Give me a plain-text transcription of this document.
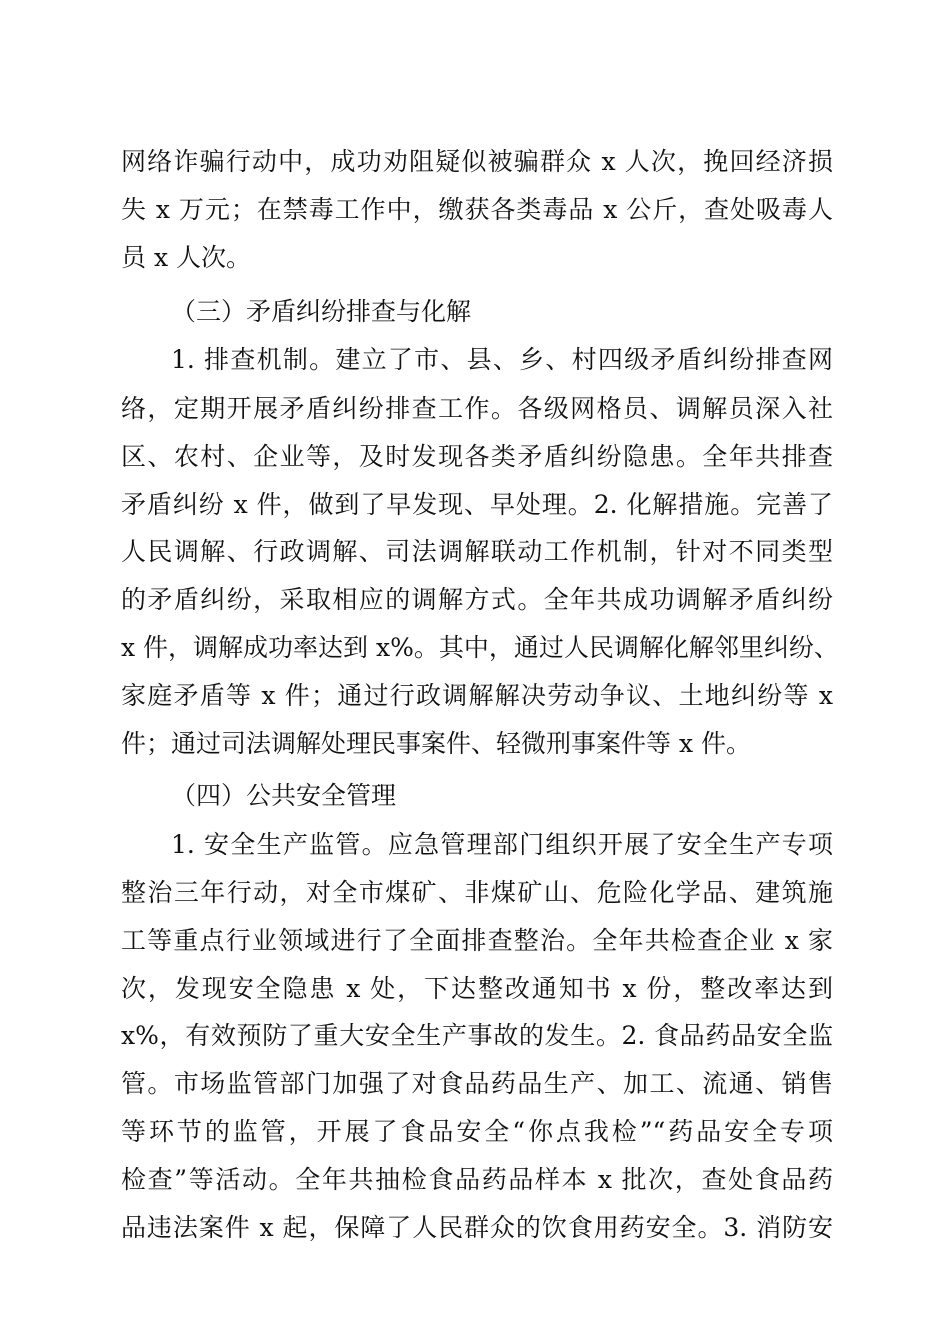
网络诈骗行动中，成功劝阻疑似被骗群众 x 人次，挽回经济损
失 x 万元；在禁毒工作中，缴获各类毒品 x 公斤，查处吸毒人
员 x 人次。
（三）矛盾纠纷排查与化解
1. 排查机制。建立了市、县、乡、村四级矛盾纠纷排查网
络，定期开展矛盾纠纷排查工作。各级网格员、调解员深入社
区、农村、企业等，及时发现各类矛盾纠纷隐患。全年共排查
矛盾纠纷 x 件，做到了早发现、早处理。2. 化解措施。完善了
人民调解、行政调解、司法调解联动工作机制，针对不同类型
的矛盾纠纷，采取相应的调解方式。全年共成功调解矛盾纠纷
x 件，调解成功率达到 x%。其中，通过人民调解化解邻里纠纷、
家庭矛盾等 x 件；通过行政调解解决劳动争议、土地纠纷等 x
件；通过司法调解处理民事案件、轻微刑事案件等 x 件。
（四）公共安全管理
1. 安全生产监管。应急管理部门组织开展了安全生产专项
整治三年行动，对全市煤矿、非煤矿山、危险化学品、建筑施
工等重点行业领域进行了全面排查整治。全年共检查企业 x 家
次，发现安全隐患 x 处，下达整改通知书 x 份，整改率达到
x%，有效预防了重大安全生产事故的发生。2. 食品药品安全监
管。市场监管部门加强了对食品药品生产、加工、流通、销售
等环节的监管，开展了食品安全“你点我检”“药品安全专项
检查”等活动。全年共抽检食品药品样本 x 批次，查处食品药
品违法案件 x 起，保障了人民群众的饮食用药安全。3. 消防安
